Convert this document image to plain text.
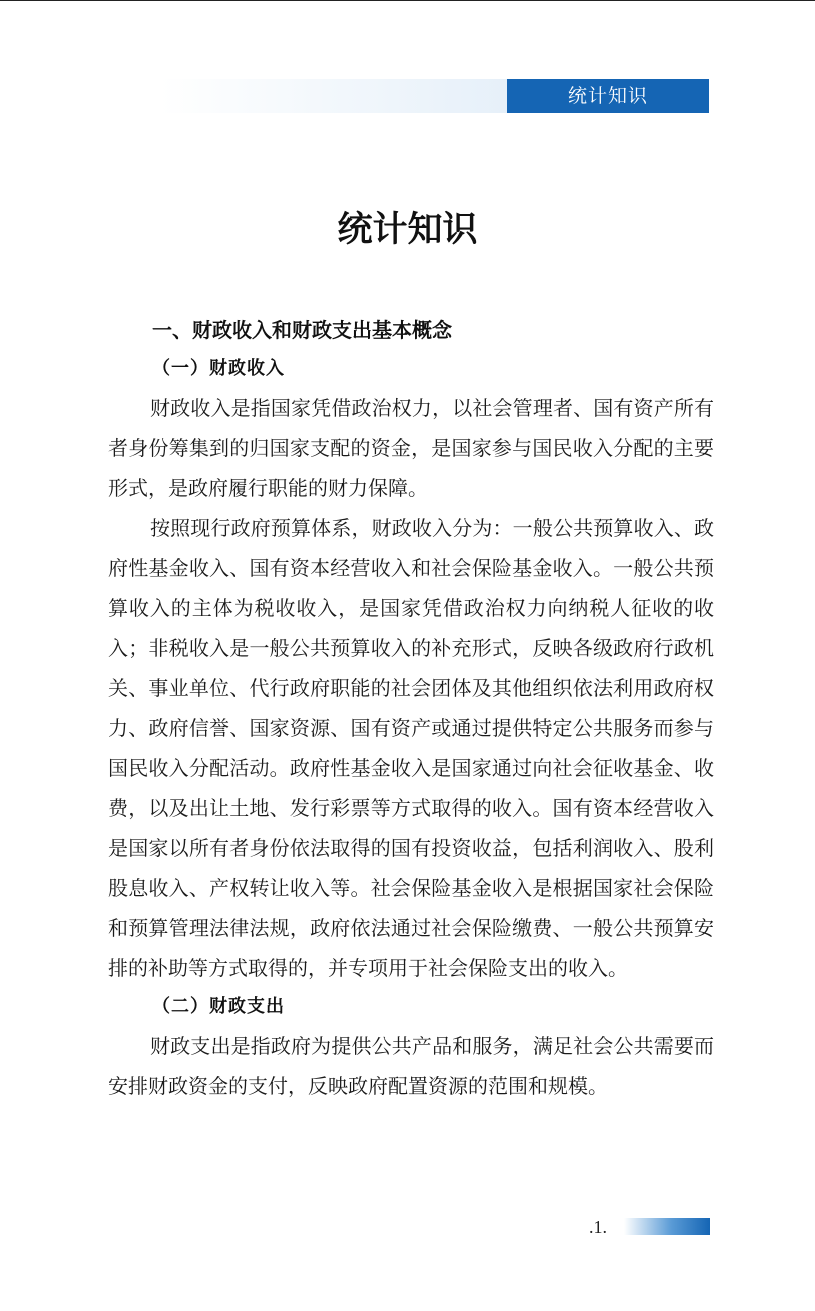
统计知识
统计知识
一、财政收入和财政支出基本概念
（一）财政收入

财政收入是指国家凭借政治权力，以社会管理者、国有资产所有者身份筹集到的归国家支配的资金，是国家参与国民收入分配的主要形式，是政府履行职能的财力保障。

按照现行政府预算体系，财政收入分为：一般公共预算收入、政府性基金收入、国有资本经营收入和社会保险基金收入。一般公共预算收入的主体为税收收入，是国家凭借政治权力向纳税人征收的收入；非税收入是一般公共预算收入的补充形式，反映各级政府行政机关、事业单位、代行政府职能的社会团体及其他组织依法利用政府权力、政府信誉、国家资源、国有资产或通过提供特定公共服务而参与国民收入分配活动。政府性基金收入是国家通过向社会征收基金、收费，以及出让土地、发行彩票等方式取得的收入。国有资本经营收入是国家以所有者身份依法取得的国有投资收益，包括利润收入、股利股息收入、产权转让收入等。社会保险基金收入是根据国家社会保险和预算管理法律法规，政府依法通过社会保险缴费、一般公共预算安排的补助等方式取得的，并专项用于社会保险支出的收入。

（二）财政支出

财政支出是指政府为提供公共产品和服务，满足社会公共需要而安排财政资金的支付，反映政府配置资源的范围和规模。

.1.
